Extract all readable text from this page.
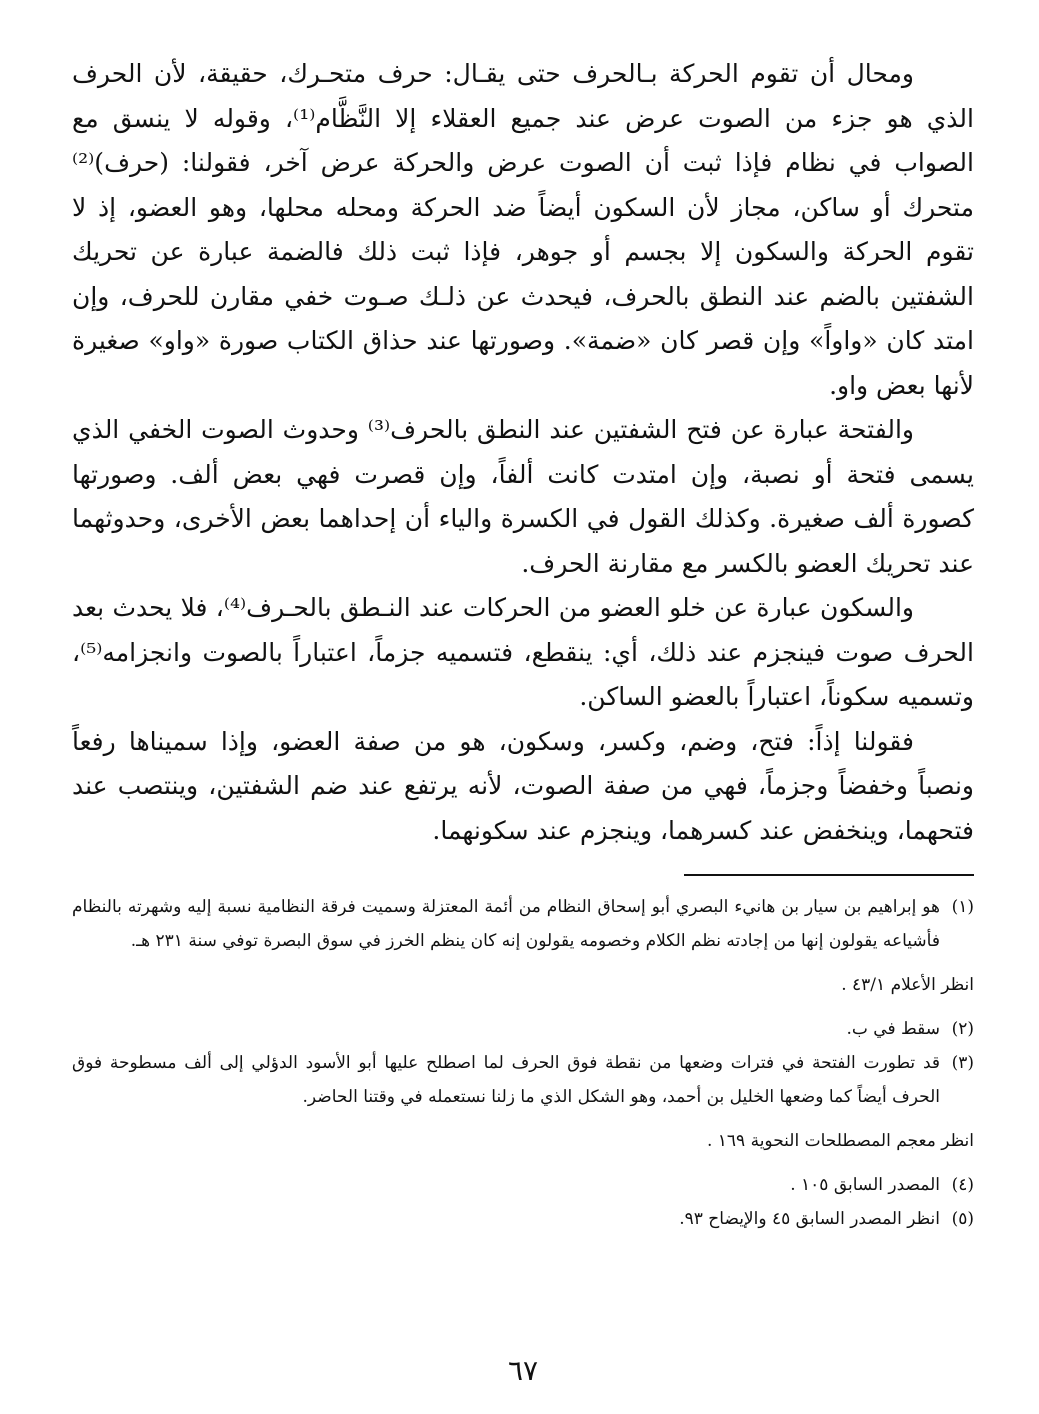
ومحال أن تقوم الحركة بـالحرف حتى يقـال: حرف متحـرك، حقيقة، لأن الحرف الذي هو جزء من الصوت عرض عند جميع العقلاء إلا النَّظَّام⁽¹⁾، وقوله لا ينسق مع الصواب في نظام فإذا ثبت أن الصوت عرض والحركة عرض آخر، فقولنا: (حرف)⁽²⁾ متحرك أو ساكن، مجاز لأن السكون أيضاً ضد الحركة ومحله محلها، وهو العضو، إذ لا تقوم الحركة والسكون إلا بجسم أو جوهر، فإذا ثبت ذلك فالضمة عبارة عن تحريك الشفتين بالضم عند النطق بالحرف، فيحدث عن ذلـك صـوت خفي مقارن للحرف، وإن امتد كان «واواً» وإن قصر كان «ضمة». وصورتها عند حذاق الكتاب صورة «واو» صغيرة لأنها بعض واو.

والفتحة عبارة عن فتح الشفتين عند النطق بالحرف⁽³⁾ وحدوث الصوت الخفي الذي يسمى فتحة أو نصبة، وإن امتدت كانت ألفاً، وإن قصرت فهي بعض ألف. وصورتها كصورة ألف صغيرة. وكذلك القول في الكسرة والياء أن إحداهما بعض الأخرى، وحدوثهما عند تحريك العضو بالكسر مع مقارنة الحرف.

والسكون عبارة عن خلو العضو من الحركات عند النـطق بالحـرف⁽⁴⁾، فلا يحدث بعد الحرف صوت فينجزم عند ذلك، أي: ينقطع، فتسميه جزماً، اعتباراً بالصوت وانجزامه⁽⁵⁾، وتسميه سكوناً، اعتباراً بالعضو الساكن.

فقولنا إذاً: فتح، وضم، وكسر، وسكون، هو من صفة العضو، وإذا سميناها رفعاً ونصباً وخفضاً وجزماً، فهي من صفة الصوت، لأنه يرتفع عند ضم الشفتين، وينتصب عند فتحهما، وينخفض عند كسرهما، وينجزم عند سكونهما.

(١)
هو إبراهيم بن سيار بن هانيء البصري أبو إسحاق النظام من أئمة المعتزلة وسميت فرقة النظامية نسبة إليه وشهرته بالنظام فأشياعه يقولون إنها من إجادته نظم الكلام وخصومه يقولون إنه كان ينظم الخرز في سوق البصرة توفي سنة ٢٣١ هـ.
انظر الأعلام ٤٣/١ .
(٢)
سقط في ب.
(٣)
قد تطورت الفتحة في فترات وضعها من نقطة فوق الحرف لما اصطلح عليها أبو الأسود الدؤلي إلى ألف مسطوحة فوق الحرف أيضاً كما وضعها الخليل بن أحمد، وهو الشكل الذي ما زلنا نستعمله في وقتنا الحاضر.
انظر معجم المصطلحات النحوية ١٦٩ .
(٤)
المصدر السابق ١٠٥ .
(٥)
انظر المصدر السابق ٤٥ والإيضاح ٩٣.
٦٧
